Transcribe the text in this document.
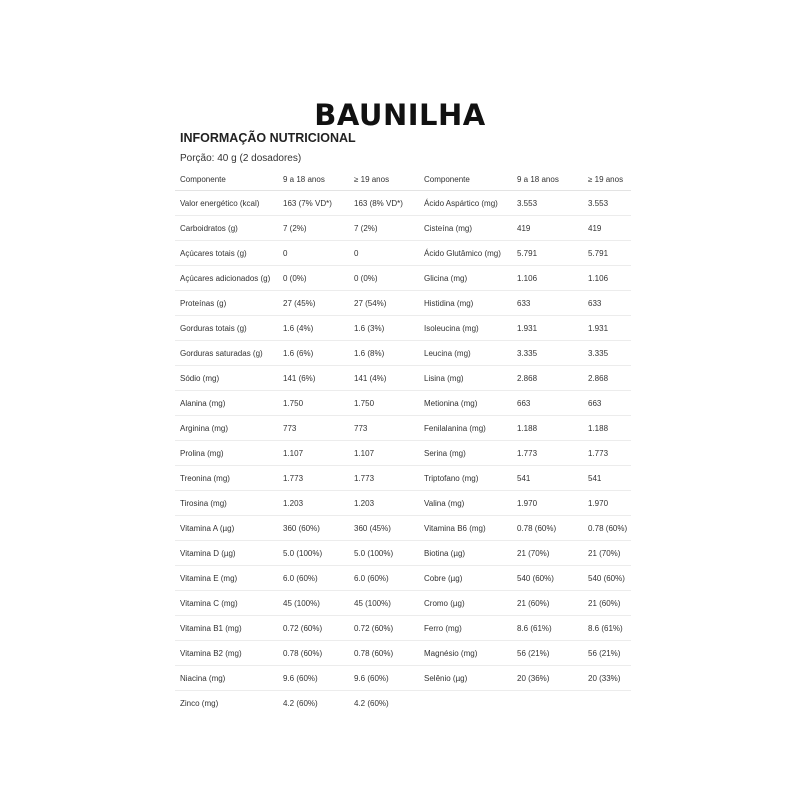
BAUNILHA
INFORMAÇÃO NUTRICIONAL
Porção: 40 g (2 dosadores)
Componente	9 a 18 anos	≥ 19 anos	Componente	9 a 18 anos	≥ 19 anos
Valor energético (kcal)	163 (7% VD*)	163 (8% VD*)	Ácido Aspártico (mg)	3.553	3.553
Carboidratos (g)	7 (2%)	7 (2%)	Cisteína (mg)	419	419
Açúcares totais (g)	0	0	Ácido Glutâmico (mg)	5.791	5.791
Açúcares adicionados (g)	0 (0%)	0 (0%)	Glicina (mg)	1.106	1.106
Proteínas (g)	27 (45%)	27 (54%)	Histidina (mg)	633	633
Gorduras totais (g)	1.6 (4%)	1.6 (3%)	Isoleucina (mg)	1.931	1.931
Gorduras saturadas (g)	1.6 (6%)	1.6 (8%)	Leucina (mg)	3.335	3.335
Sódio (mg)	141 (6%)	141 (4%)	Lisina (mg)	2.868	2.868
Alanina (mg)	1.750	1.750	Metionina (mg)	663	663
Arginina (mg)	773	773	Fenilalanina (mg)	1.188	1.188
Prolina (mg)	1.107	1.107	Serina (mg)	1.773	1.773
Treonina (mg)	1.773	1.773	Triptofano (mg)	541	541
Tirosina (mg)	1.203	1.203	Valina (mg)	1.970	1.970
Vitamina A (µg)	360 (60%)	360 (45%)	Vitamina B6 (mg)	0.78 (60%)	0.78 (60%)
Vitamina D (µg)	5.0 (100%)	5.0 (100%)	Biotina (µg)	21 (70%)	21 (70%)
Vitamina E (mg)	6.0 (60%)	6.0 (60%)	Cobre (µg)	540 (60%)	540 (60%)
Vitamina C (mg)	45 (100%)	45 (100%)	Cromo (µg)	21 (60%)	21 (60%)
Vitamina B1 (mg)	0.72 (60%)	0.72 (60%)	Ferro (mg)	8.6 (61%)	8.6 (61%)
Vitamina B2 (mg)	0.78 (60%)	0.78 (60%)	Magnésio (mg)	56 (21%)	56 (21%)
Niacina (mg)	9.6 (60%)	9.6 (60%)	Selênio (µg)	20 (36%)	20 (33%)
Zinco (mg)	4.2 (60%)	4.2 (60%)			
